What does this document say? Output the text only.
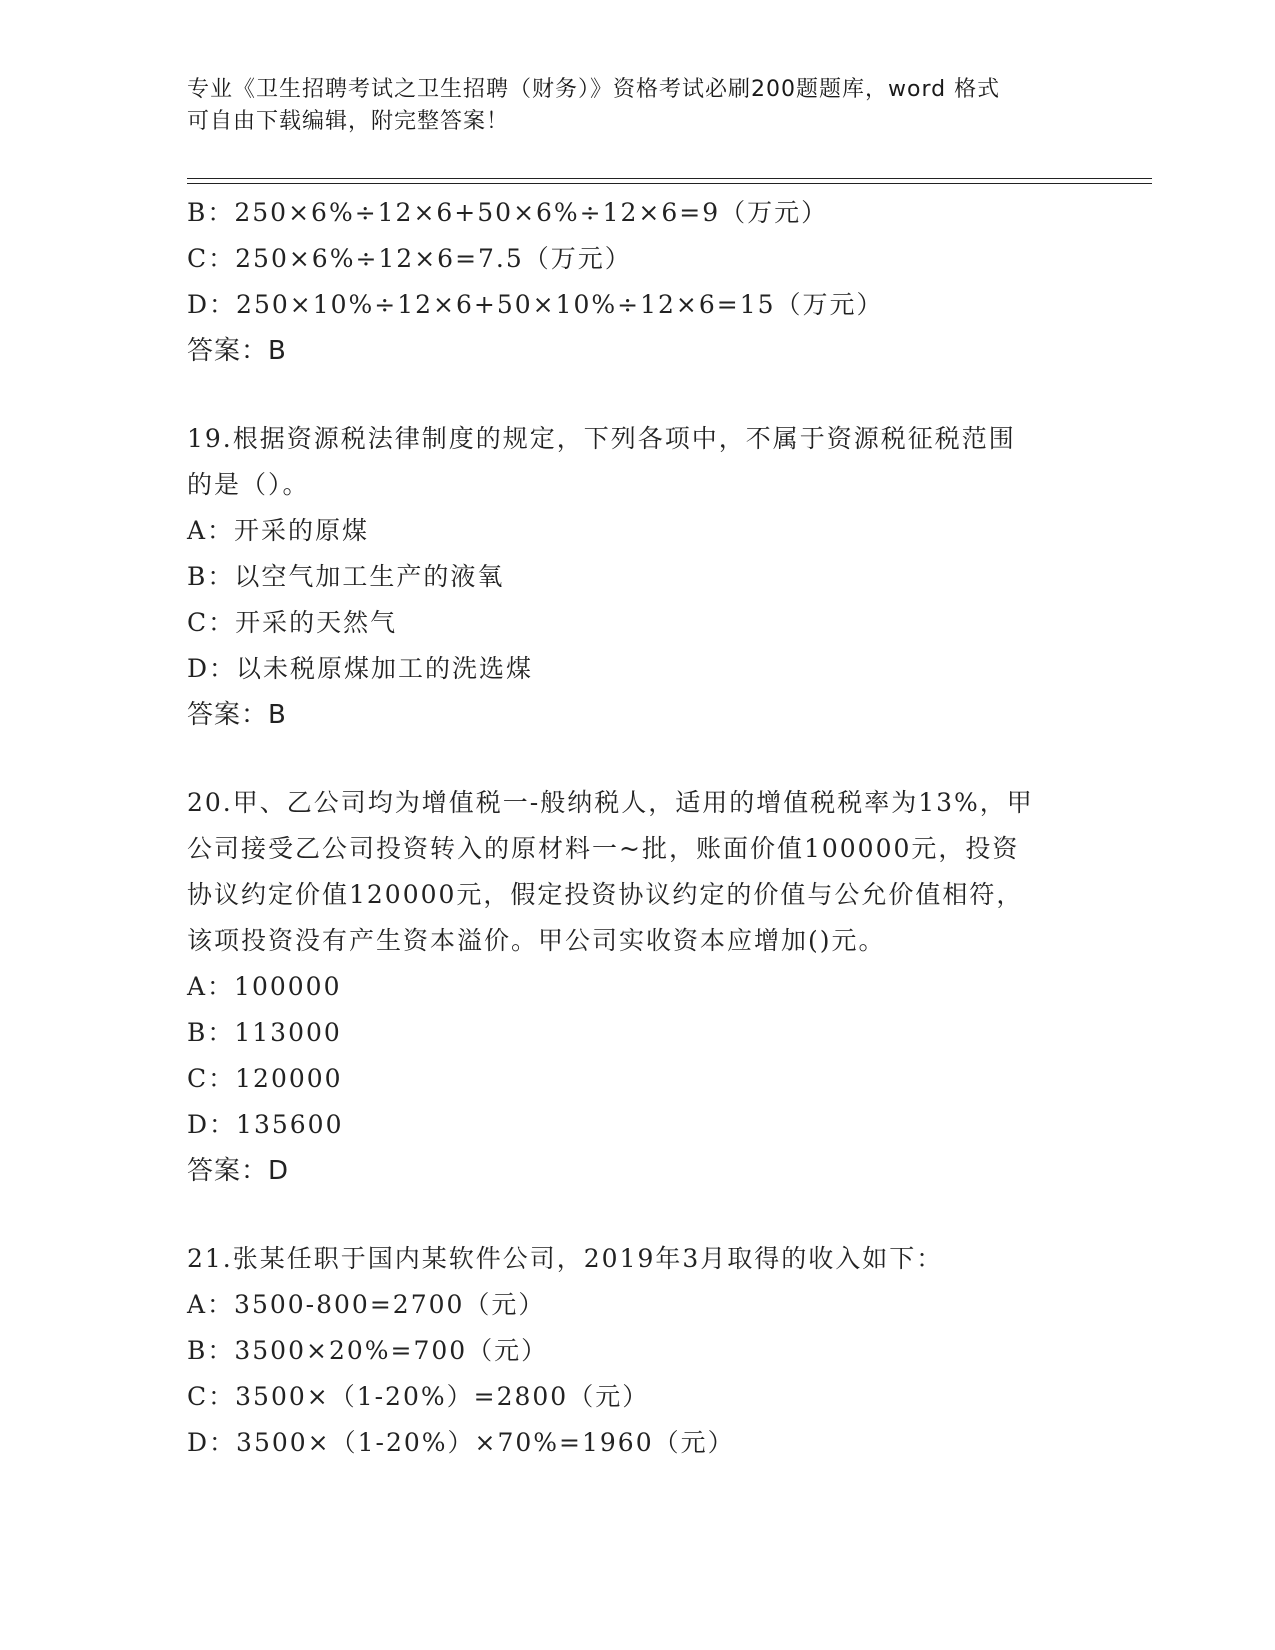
专业《卫生招聘考试之卫生招聘（财务）》资格考试必刷200题题库，word 格式
可自由下载编辑，附完整答案！
B：250×6%÷12×6+50×6%÷12×6=9（万元）
C：250×6%÷12×6=7.5（万元）
D：250×10%÷12×6+50×10%÷12×6=15（万元）
答案：B
19.根据资源税法律制度的规定，下列各项中，不属于资源税征税范围
的是（）。
A：开采的原煤
B：以空气加工生产的液氧
C：开采的天然气
D：以未税原煤加工的洗选煤
答案：B
20.甲、乙公司均为增值税一-般纳税人，适用的增值税税率为13%，甲
公司接受乙公司投资转入的原材料一~批，账面价值100000元，投资
协议约定价值120000元，假定投资协议约定的价值与公允价值相符，
该项投资没有产生资本溢价。甲公司实收资本应增加()元。
A：100000
B：113000
C：120000
D：135600
答案：D
21.张某任职于国内某软件公司，2019年3月取得的收入如下：
A：3500-800=2700（元）
B：3500×20%=700（元）
C：3500×（1-20%）=2800（元）
D：3500×（1-20%）×70%=1960（元）
